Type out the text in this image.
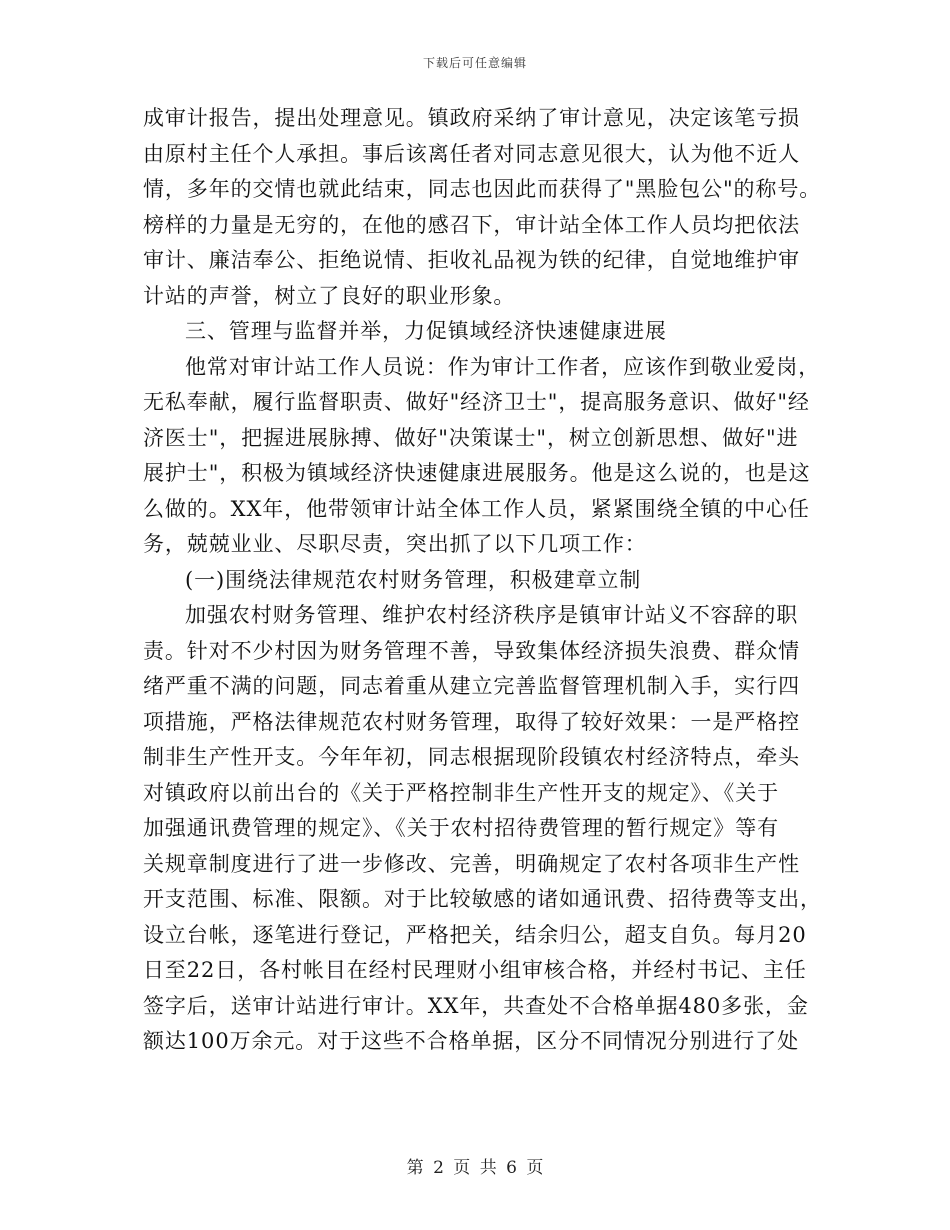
下载后可任意编辑
成审计报告，提出处理意见。镇政府采纳了审计意见，决定该笔亏损
由原村主任个人承担。事后该离任者对同志意见很大，认为他不近人
情，多年的交情也就此结束，同志也因此而获得了"黑脸包公"的称号。
榜样的力量是无穷的，在他的感召下，审计站全体工作人员均把依法
审计、廉洁奉公、拒绝说情、拒收礼品视为铁的纪律，自觉地维护审
计站的声誉，树立了良好的职业形象。
三、管理与监督并举，力促镇域经济快速健康进展
他常对审计站工作人员说：作为审计工作者，应该作到敬业爱岗，
无私奉献，履行监督职责、做好"经济卫士"，提高服务意识、做好"经
济医士"，把握进展脉搏、做好"决策谋士"，树立创新思想、做好"进
展护士"，积极为镇域经济快速健康进展服务。他是这么说的，也是这
么做的。XX年，他带领审计站全体工作人员，紧紧围绕全镇的中心任
务，兢兢业业、尽职尽责，突出抓了以下几项工作：
(一)围绕法律规范农村财务管理，积极建章立制
加强农村财务管理、维护农村经济秩序是镇审计站义不容辞的职
责。针对不少村因为财务管理不善，导致集体经济损失浪费、群众情
绪严重不满的问题，同志着重从建立完善监督管理机制入手，实行四
项措施，严格法律规范农村财务管理，取得了较好效果：一是严格控
制非生产性开支。今年年初，同志根据现阶段镇农村经济特点，牵头
对镇政府以前出台的《关于严格控制非生产性开支的规定》、《关于
加强通讯费管理的规定》、《关于农村招待费管理的暂行规定》等有
关规章制度进行了进一步修改、完善，明确规定了农村各项非生产性
开支范围、标准、限额。对于比较敏感的诸如通讯费、招待费等支出，
设立台帐，逐笔进行登记，严格把关，结余归公，超支自负。每月20
日至22日，各村帐目在经村民理财小组审核合格，并经村书记、主任
签字后，送审计站进行审计。XX年，共查处不合格单据480多张，金
额达100万余元。对于这些不合格单据，区分不同情况分别进行了处
第 2 页 共 6 页
